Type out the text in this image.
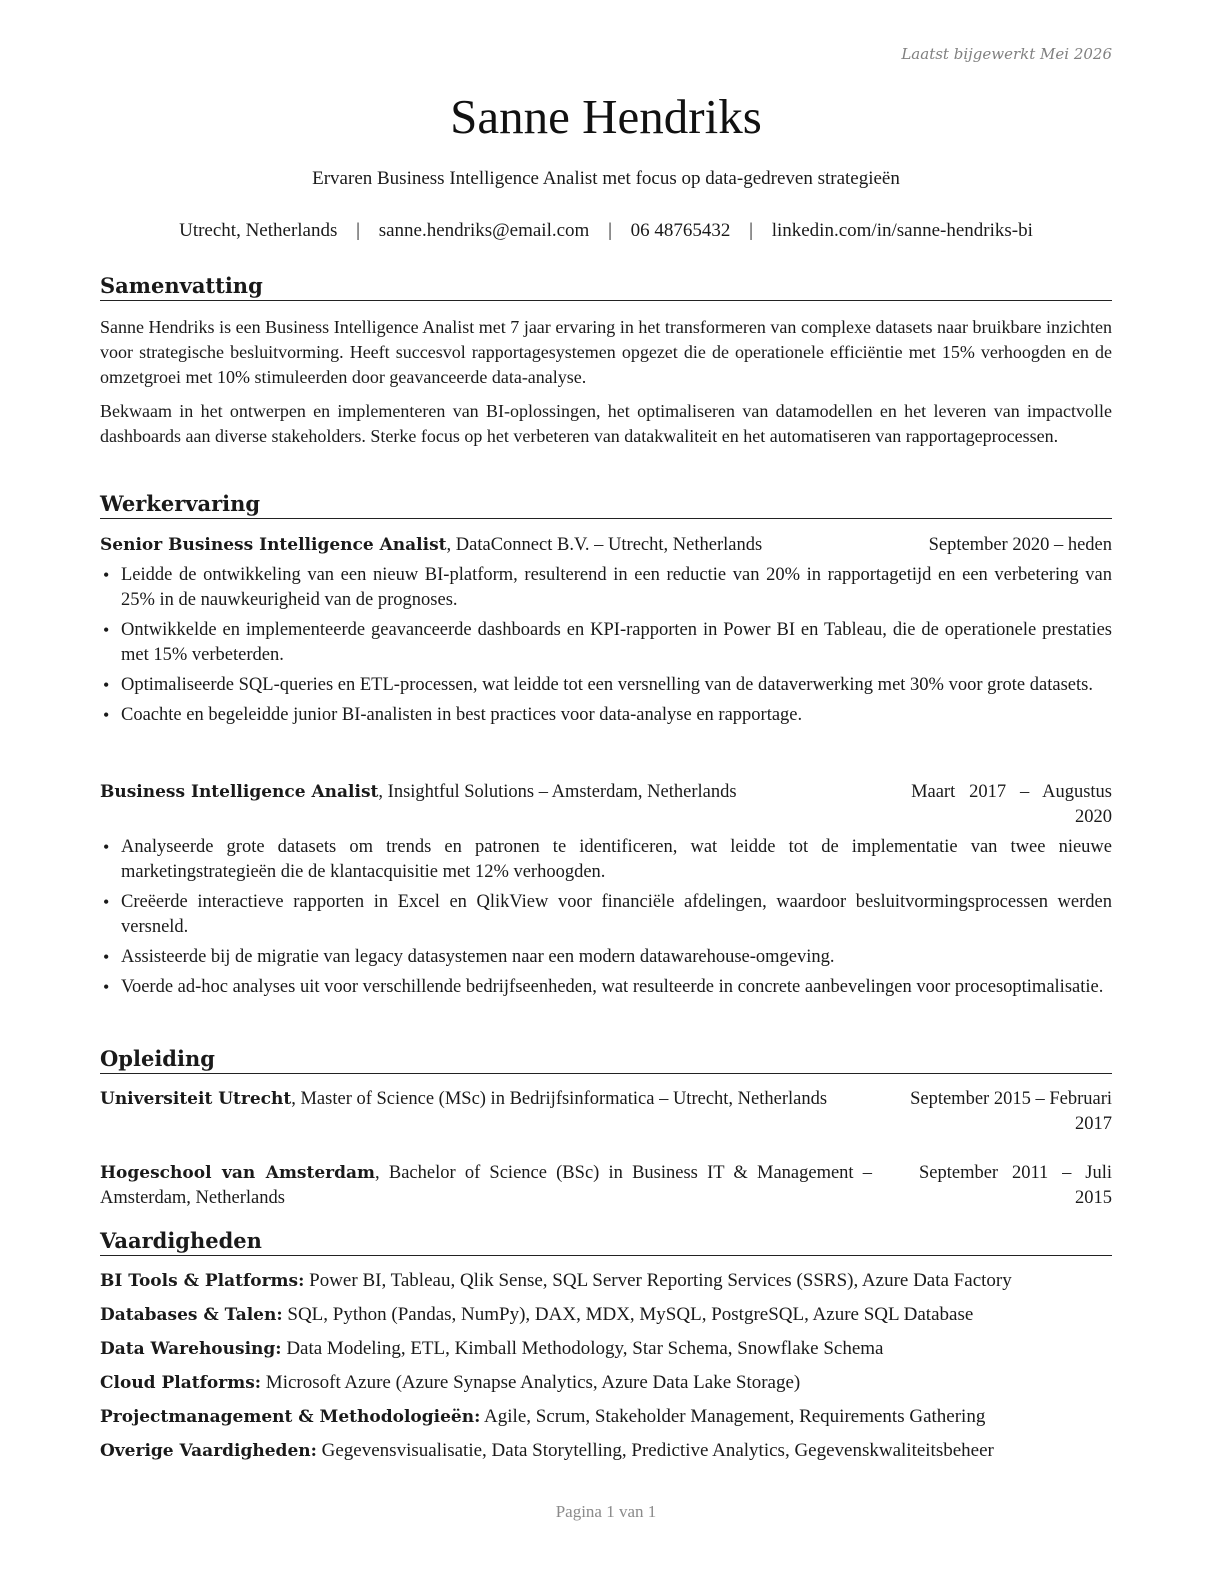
Laatst bijgewerkt Mei 2026
Sanne Hendriks
Ervaren Business Intelligence Analist met focus op data-gedreven strategieën
Utrecht, Netherlands | sanne.hendriks@email.com | 06 48765432 | linkedin.com/in/sanne-hendriks-bi
Samenvatting

Sanne Hendriks is een Business Intelligence Analist met 7 jaar ervaring in het transformeren van complexe datasets naar bruikbare inzichten voor strategische besluitvorming. Heeft succesvol rapportagesystemen opgezet die de operationele efficiëntie met 15% verhoogden en de omzetgroei met 10% stimuleerden door geavanceerde data-analyse.

Bekwaam in het ontwerpen en implementeren van BI-oplossingen, het optimaliseren van datamodellen en het leveren van impactvolle dashboards aan diverse stakeholders. Sterke focus op het verbeteren van datakwaliteit en het automatiseren van rapportageprocessen.

Werkervaring
Senior Business Intelligence Analist, DataConnect B.V. – Utrecht, Netherlands	September 2020 – heden
• Leidde de ontwikkeling van een nieuw BI-platform, resulterend in een reductie van 20% in rapportagetijd en een verbetering van 25% in de nauwkeurigheid van de prognoses.
• Ontwikkelde en implementeerde geavanceerde dashboards en KPI-rapporten in Power BI en Tableau, die de operationele prestaties met 15% verbeterden.
• Optimaliseerde SQL-queries en ETL-processen, wat leidde tot een versnelling van de dataverwerking met 30% voor grote datasets.
• Coachte en begeleidde junior BI-analisten in best practices voor data-analyse en rapportage.
Business Intelligence Analist, Insightful Solutions – Amsterdam, Netherlands	Maart   2017   –   Augustus
2020
• Analyseerde grote datasets om trends en patronen te identificeren, wat leidde tot de implementatie van twee nieuwe marketingstrategieën die de klantacquisitie met 12% verhoogden.
• Creëerde interactieve rapporten in Excel en QlikView voor financiële afdelingen, waardoor besluitvormingsprocessen werden versneld.
• Assisteerde bij de migratie van legacy datasystemen naar een modern datawarehouse-omgeving.
• Voerde ad-hoc analyses uit voor verschillende bedrijfseenheden, wat resulteerde in concrete aanbevelingen voor procesoptimalisatie.
Opleiding
Universiteit Utrecht, Master of Science (MSc) in Bedrijfsinformatica – Utrecht, Netherlands	September 2015 – Februari
2017
Hogeschool van Amsterdam, Bachelor of Science (BSc) in Business IT & Management – Amsterdam, Netherlands
September   2011   –   Juli
2015
Vaardigheden
BI Tools & Platforms: Power BI, Tableau, Qlik Sense, SQL Server Reporting Services (SSRS), Azure Data Factory
Databases & Talen: SQL, Python (Pandas, NumPy), DAX, MDX, MySQL, PostgreSQL, Azure SQL Database
Data Warehousing: Data Modeling, ETL, Kimball Methodology, Star Schema, Snowflake Schema
Cloud Platforms: Microsoft Azure (Azure Synapse Analytics, Azure Data Lake Storage)
Projectmanagement & Methodologieën: Agile, Scrum, Stakeholder Management, Requirements Gathering
Overige Vaardigheden: Gegevensvisualisatie, Data Storytelling, Predictive Analytics, Gegevenskwaliteitsbeheer
Pagina 1 van 1
